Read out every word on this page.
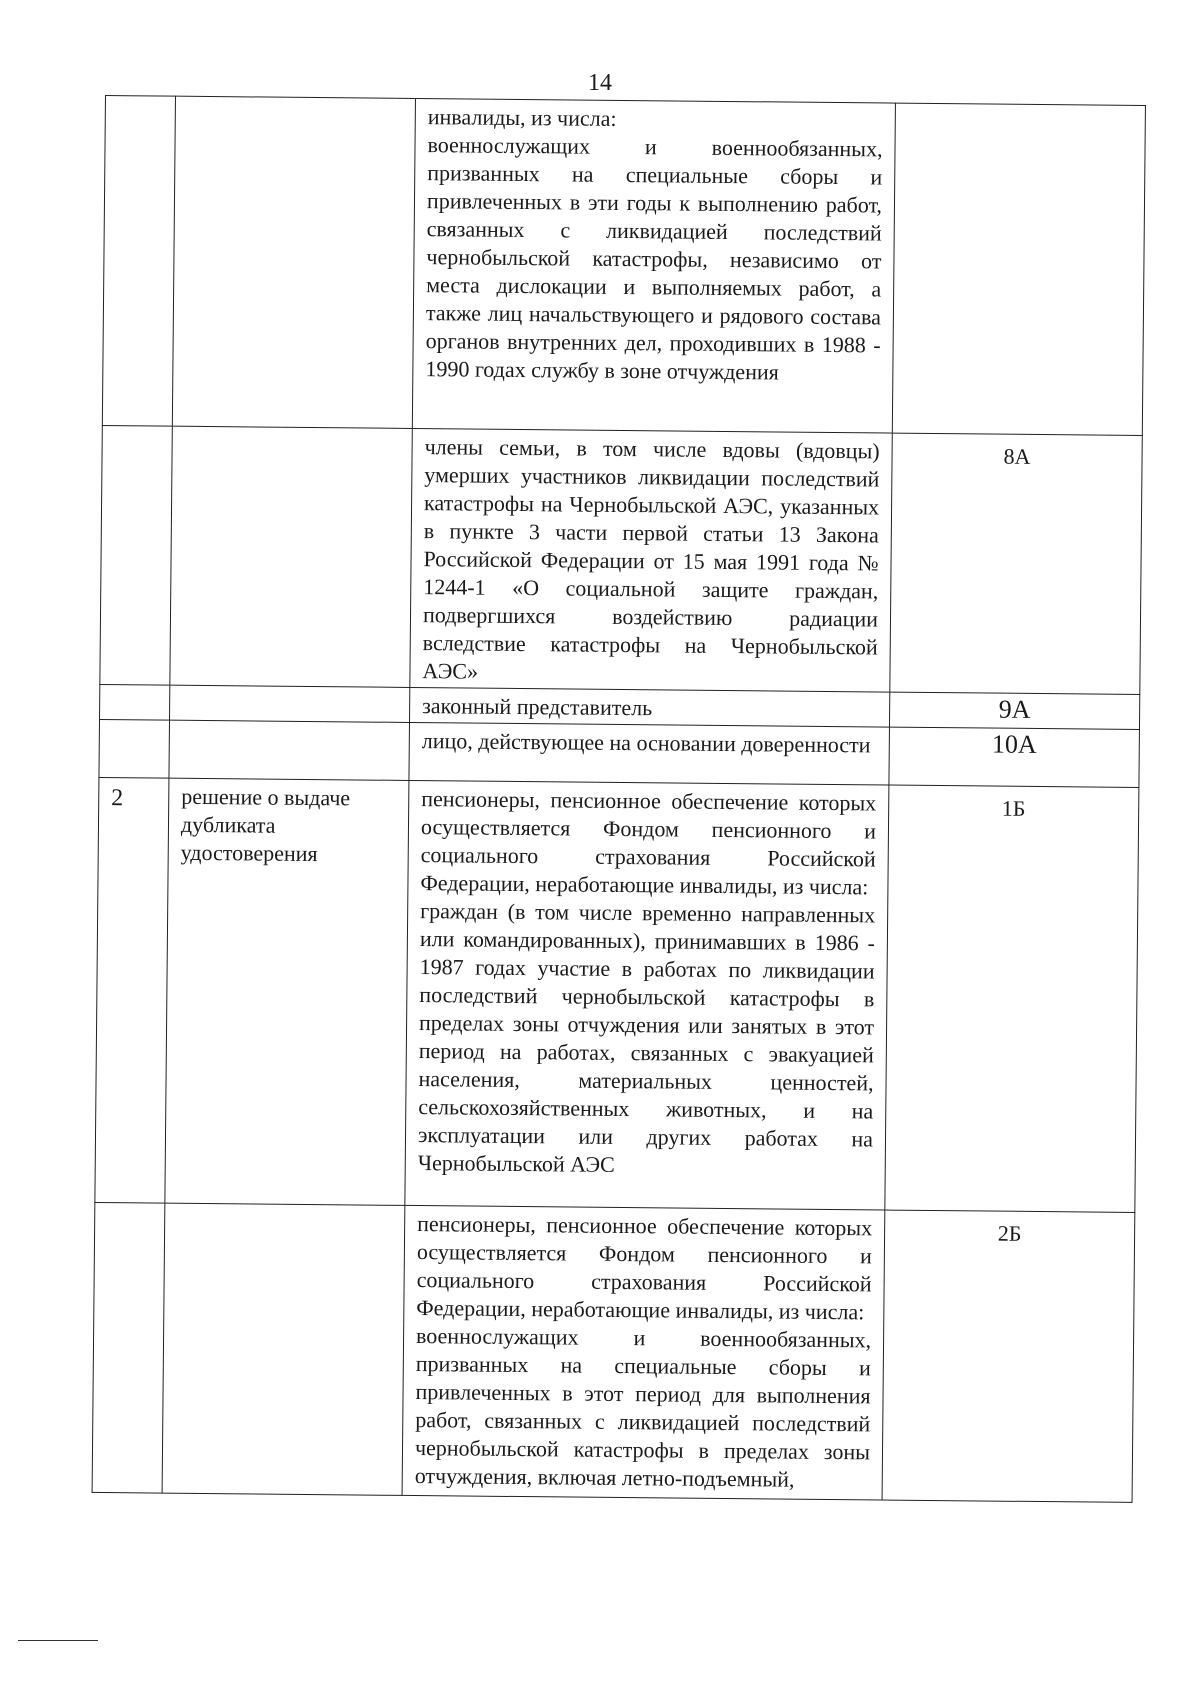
14

		инвалиды, из числа:
военнослужащих и военнообязанных, призванных на специальные сборы и привлеченных в эти годы к выполнению работ, связанных с ликвидацией последствий чернобыльской катастрофы, независимо от места дислокации и выполняемых работ, а также лиц начальствующего и рядового состава органов внутренних дел, проходивших в 1988 - 1990 годах службу в зоне отчуждения	

		члены семьи, в том числе вдовы (вдовцы) умерших участников ликвидации последствий катастрофы на Чернобыльской АЭС, указанных в пункте 3 части первой статьи 13 Закона Российской Федерации от 15 мая 1991 года № 1244-1 «О социальной защите граждан, подвергшихся воздействию радиации вследствие катастрофы на Чернобыльской АЭС»	8А

		законный представитель	9А

		лицо, действующее на основании доверенности	10А
2	решение о выдаче дубликата удостоверения	пенсионеры, пенсионное обеспечение которых осуществляется Фондом пенсионного и социального страхования Российской Федерации, неработающие инвалиды, из числа:
граждан (в том числе временно направленных или командированных), принимавших в 1986 - 1987 годах участие в работах по ликвидации последствий чернобыльской катастрофы в пределах зоны отчуждения или занятых в этот период на работах, связанных с эвакуацией населения, материальных ценностей, сельскохозяйственных животных, и на эксплуатации или других работах на Чернобыльской АЭС	1Б

		пенсионеры, пенсионное обеспечение которых осуществляется Фондом пенсионного и социального страхования Российской Федерации, неработающие инвалиды, из числа:
военнослужащих и военнообязанных, призванных на специальные сборы и привлеченных в этот период для выполнения работ, связанных с ликвидацией последствий чернобыльской катастрофы в пределах зоны отчуждения, включая летно-подъемный,	2Б
